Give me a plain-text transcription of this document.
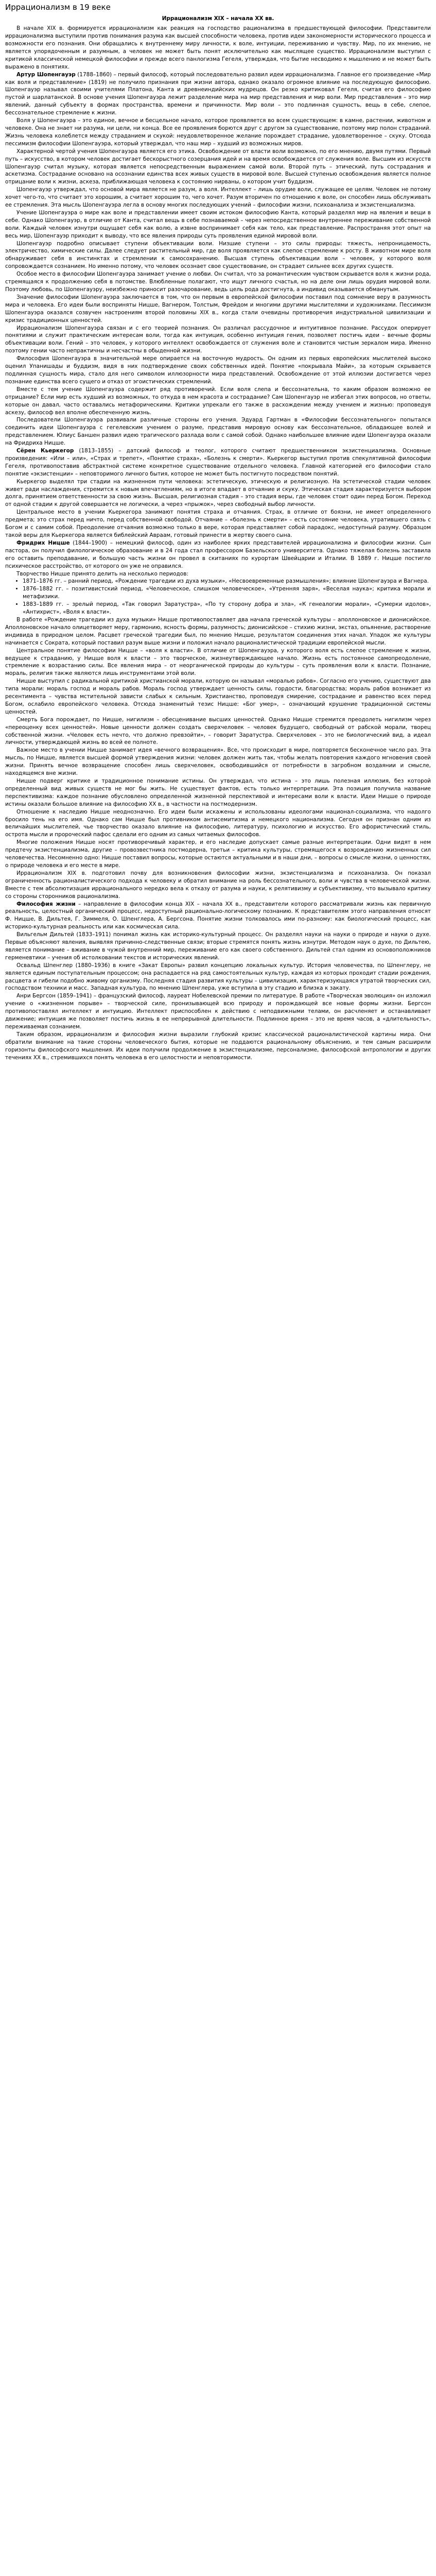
Иррационализм в 19 веке
Иррационализм XIX – начала XX вв.

В начале XIX в. формируется иррационализм как реакция на господство рационализма в предшествующей философии. Представители иррационализма выступили против понимания разума как высшей способности человека, против идеи закономерности исторического процесса и возможности его познания. Они обращались к внутреннему миру личности, к воле, интуиции, переживанию и чувству. Мир, по их мнению, не является упорядоченным и разумным, а человек не может быть понят исключительно как мыслящее существо. Иррационализм выступил с критикой классической немецкой философии и прежде всего панлогизма Гегеля, утверждая, что бытие несводимо к мышлению и не может быть выражено в понятиях.

Артур Шопенгауэр (1788–1860) – первый философ, который последовательно развил идеи иррационализма. Главное его произведение «Мир как воля и представление» (1819) не получило признания при жизни автора, однако оказало огромное влияние на последующую философию. Шопенгауэр называл своими учителями Платона, Канта и древнеиндийских мудрецов. Он резко критиковал Гегеля, считая его философию пустой и шарлатанской. В основе учения Шопенгауэра лежит разделение мира на мир представления и мир воли. Мир представления – это мир явлений, данный субъекту в формах пространства, времени и причинности. Мир воли – это подлинная сущность, вещь в себе, слепое, бессознательное стремление к жизни.

Воля у Шопенгауэра – это единое, вечное и бесцельное начало, которое проявляется во всем существующем: в камне, растении, животном и человеке. Она не знает ни разума, ни цели, ни конца. Все ее проявления борются друг с другом за существование, поэтому мир полон страданий. Жизнь человека колеблется между страданием и скукой: неудовлетворенное желание порождает страдание, удовлетворенное – скуку. Отсюда пессимизм философии Шопенгауэра, который утверждал, что наш мир – худший из возможных миров.

Характерной чертой учения Шопенгауэра является его этика. Освобождение от власти воли возможно, по его мнению, двумя путями. Первый путь – искусство, в котором человек достигает бескорыстного созерцания идей и на время освобождается от служения воле. Высшим из искусств Шопенгауэр считал музыку, которая является непосредственным выражением самой воли. Второй путь – этический, путь сострадания и аскетизма. Сострадание основано на осознании единства всех живых существ в мировой воле. Высшей ступенью освобождения является полное отрицание воли к жизни, аскеза, приближающая человека к состоянию нирваны, о котором учит буддизм.

Шопенгауэр утверждал, что основой мира является не разум, а воля. Интеллект – лишь орудие воли, служащее ее целям. Человек не потому хочет чего-то, что считает это хорошим, а считает хорошим то, чего хочет. Разум вторичен по отношению к воле, он способен лишь обслуживать ее стремления. Эта мысль Шопенгауэра легла в основу многих последующих учений – философии жизни, психоанализа и экзистенциализма.

Учение Шопенгауэра о мире как воле и представлении имеет своим истоком философию Канта, который разделял мир на явления и вещи в себе. Однако Шопенгауэр, в отличие от Канта, считал вещь в себе познаваемой – через непосредственное внутреннее переживание собственной воли. Каждый человек изнутри ощущает себя как волю, а извне воспринимает себя как тело, как представление. Распространяя этот опыт на весь мир, Шопенгауэр приходит к выводу, что все явления природы суть проявления единой мировой воли.

Шопенгауэр подробно описывает ступени объективации воли. Низшие ступени – это силы природы: тяжесть, непроницаемость, электричество, химические силы. Далее следует растительный мир, где воля проявляется как слепое стремление к росту. В животном мире воля обнаруживает себя в инстинктах и стремлении к самосохранению. Высшая ступень объективации воли – человек, у которого воля сопровождается сознанием. Но именно потому, что человек осознает свое существование, он страдает сильнее всех других существ.

Особое место в философии Шопенгауэра занимает учение о любви. Он считал, что за романтическим чувством скрывается воля к жизни рода, стремящаяся к продолжению себя в потомстве. Влюбленные полагают, что ищут личного счастья, но на деле они лишь орудия мировой воли. Поэтому любовь, по Шопенгауэру, неизбежно приносит разочарование, ведь цель рода достигнута, а индивид оказывается обманутым.

Значение философии Шопенгауэра заключается в том, что он первым в европейской философии поставил под сомнение веру в разумность мира и человека. Его идеи были восприняты Ницше, Вагнером, Толстым, Фрейдом и многими другими мыслителями и художниками. Пессимизм Шопенгауэра оказался созвучен настроениям второй половины XIX в., когда стали очевидны противоречия индустриальной цивилизации и кризис традиционных ценностей.

Иррационализм Шопенгауэра связан и с его теорией познания. Он различал рассудочное и интуитивное познание. Рассудок оперирует понятиями и служит практическим интересам воли, тогда как интуиция, особенно интуиция гения, позволяет постичь идеи – вечные формы объективации воли. Гений – это человек, у которого интеллект освобождается от служения воле и становится чистым зеркалом мира. Именно поэтому гении часто непрактичны и несчастны в обыденной жизни.

Философия Шопенгауэра в значительной мере опирается на восточную мудрость. Он одним из первых европейских мыслителей высоко оценил Упанишады и буддизм, видя в них подтверждение своих собственных идей. Понятие «покрывала Майи», за которым скрывается подлинная сущность мира, стало для него символом иллюзорности мира представлений. Освобождение от этой иллюзии достигается через познание единства всего сущего и отказ от эгоистических стремлений.

Вместе с тем учение Шопенгауэра содержит ряд противоречий. Если воля слепа и бессознательна, то каким образом возможно ее отрицание? Если мир есть худший из возможных, то откуда в нем красота и сострадание? Сам Шопенгауэр не избегал этих вопросов, но ответы, которые он давал, часто оставались метафорическими. Критики упрекали его также в расхождении между учением и жизнью: проповедуя аскезу, философ вел вполне обеспеченную жизнь.

Последователи Шопенгауэра развивали различные стороны его учения. Эдуард Гартман в «Философии бессознательного» попытался соединить идеи Шопенгауэра с гегелевским учением о разуме, представив мировую основу как бессознательное, обладающее волей и представлением. Юлиус Баншен развил идею трагического разлада воли с самой собой. Однако наибольшее влияние идеи Шопенгауэра оказали на Фридриха Ницше.

Сёрен Кьеркегор (1813–1855) – датский философ и теолог, которого считают предшественником экзистенциализма. Основные произведения: «Или – или», «Страх и трепет», «Понятие страха», «Болезнь к смерти». Кьеркегор выступил против спекулятивной философии Гегеля, противопоставив абстрактной системе конкретное существование отдельного человека. Главной категорией его философии стало понятие «экзистенции» – неповторимого личного бытия, которое не может быть постигнуто посредством понятий.

Кьеркегор выделял три стадии на жизненном пути человека: эстетическую, этическую и религиозную. На эстетической стадии человек живет ради наслаждения, стремится к новым впечатлениям, но в итоге впадает в отчаяние и скуку. Этическая стадия характеризуется выбором долга, принятием ответственности за свою жизнь. Высшая, религиозная стадия – это стадия веры, где человек стоит один перед Богом. Переход от одной стадии к другой совершается не логически, а через «прыжок», через свободный выбор личности.

Центральное место в учении Кьеркегора занимают понятия страха и отчаяния. Страх, в отличие от боязни, не имеет определенного предмета; это страх перед ничто, перед собственной свободой. Отчаяние – «болезнь к смерти» – есть состояние человека, утратившего связь с Богом и с самим собой. Преодоление отчаяния возможно только в вере, которая представляет собой парадокс, недоступный разуму. Образцом такой веры для Кьеркегора является библейский Авраам, готовый принести в жертву своего сына.

Фридрих Ницше (1844–1900) – немецкий философ, один из наиболее ярких представителей иррационализма и философии жизни. Сын пастора, он получил филологическое образование и в 24 года стал профессором Базельского университета. Однако тяжелая болезнь заставила его оставить преподавание, и большую часть жизни он провел в скитаниях по курортам Швейцарии и Италии. В 1889 г. Ницше постигло психическое расстройство, от которого он уже не оправился.

Творчество Ницше принято делить на несколько периодов:

• 1871–1876 гг. – ранний период, «Рождение трагедии из духа музыки», «Несвоевременные размышления»; влияние Шопенгауэра и Вагнера.
• 1876–1882 гг. – позитивистский период, «Человеческое, слишком человеческое», «Утренняя заря», «Веселая наука»; критика морали и метафизики.
• 1883–1889 гг. – зрелый период, «Так говорил Заратустра», «По ту сторону добра и зла», «К генеалогии морали», «Сумерки идолов», «Антихрист», «Воля к власти».

В работе «Рождение трагедии из духа музыки» Ницше противопоставляет два начала греческой культуры – аполлоновское и дионисийское. Аполлоновское начало олицетворяет меру, гармонию, ясность формы, разумность; дионисийское – стихию жизни, экстаз, опьянение, растворение индивида в природном целом. Расцвет греческой трагедии был, по мнению Ницше, результатом соединения этих начал. Упадок же культуры начинается с Сократа, который поставил разум выше жизни и положил начало рационалистической традиции европейской мысли.

Центральное понятие философии Ницше – «воля к власти». В отличие от Шопенгауэра, у которого воля есть слепое стремление к жизни, ведущее к страданию, у Ницше воля к власти – это творческое, жизнеутверждающее начало. Жизнь есть постоянное самопреодоление, стремление к возрастанию силы. Все явления мира – от неорганической природы до культуры – суть проявления воли к власти. Познание, мораль, религия также являются лишь инструментами этой воли.

Ницше выступил с радикальной критикой христианской морали, которую он называл «моралью рабов». Согласно его учению, существуют два типа морали: мораль господ и мораль рабов. Мораль господ утверждает ценность силы, гордости, благородства; мораль рабов возникает из ресентимента – чувства мстительной зависти слабых к сильным. Христианство, проповедуя смирение, сострадание и равенство всех перед Богом, ослабило европейского человека. Отсюда знаменитый тезис Ницше: «Бог умер», – означающий крушение традиционной системы ценностей.

Смерть Бога порождает, по Ницше, нигилизм – обесценивание высших ценностей. Однако Ницше стремится преодолеть нигилизм через «переоценку всех ценностей». Новые ценности должен создать сверхчеловек – человек будущего, свободный от рабской морали, творец собственной жизни. «Человек есть нечто, что должно превзойти», – говорит Заратустра. Сверхчеловек – это не биологический вид, а идеал личности, утверждающей жизнь во всей ее полноте.

Важное место в учении Ницше занимает идея «вечного возвращения». Все, что происходит в мире, повторяется бесконечное число раз. Эта мысль, по Ницше, является высшей формой утверждения жизни: человек должен жить так, чтобы желать повторения каждого мгновения своей жизни. Принять вечное возвращение способен лишь сверхчеловек, освободившийся от потребности в загробном воздаянии и смысле, находящемся вне жизни.

Ницше подверг критике и традиционное понимание истины. Он утверждал, что истина – это лишь полезная иллюзия, без которой определенный вид живых существ не мог бы жить. Не существует фактов, есть только интерпретации. Эта позиция получила название перспективизма: каждое познание обусловлено определенной жизненной перспективой и интересами воли к власти. Идеи Ницше о природе истины оказали большое влияние на философию XX в., в частности на постмодернизм.

Отношение к наследию Ницше неоднозначно. Его идеи были искажены и использованы идеологами национал-социализма, что надолго бросило тень на его имя. Однако сам Ницше был противником антисемитизма и немецкого национализма. Сегодня он признан одним из величайших мыслителей, чье творчество оказало влияние на философию, литературу, психологию и искусство. Его афористический стиль, острота мысли и пророческий пафос сделали его одним из самых читаемых философов.

Многие положения Ницше носят противоречивый характер, и его наследие допускает самые разные интерпретации. Одни видят в нем предтечу экзистенциализма, другие – провозвестника постмодерна, третьи – критика культуры, стремящегося к возрождению жизненных сил человечества. Несомненно одно: Ницше поставил вопросы, которые остаются актуальными и в наши дни, – вопросы о смысле жизни, о ценностях, о природе человека и его месте в мире.

Иррационализм XIX в. подготовил почву для возникновения философии жизни, экзистенциализма и психоанализа. Он показал ограниченность рационалистического подхода к человеку и обратил внимание на роль бессознательного, воли и чувства в человеческой жизни. Вместе с тем абсолютизация иррационального нередко вела к отказу от разума и науки, к релятивизму и субъективизму, что вызывало критику со стороны сторонников рационализма.

Философия жизни – направление в философии конца XIX – начала XX в., представители которого рассматривали жизнь как первичную реальность, целостный органический процесс, недоступный рационально-логическому познанию. К представителям этого направления относят Ф. Ницше, В. Дильтея, Г. Зиммеля, О. Шпенглера, А. Бергсона. Понятие жизни толковалось ими по-разному: как биологический процесс, как историко-культурная реальность или как космическая сила.

Вильгельм Дильтей (1833–1911) понимал жизнь как историко-культурный процесс. Он разделял науки на науки о природе и науки о духе. Первые объясняют явления, выявляя причинно-следственные связи; вторые стремятся понять жизнь изнутри. Методом наук о духе, по Дильтею, является понимание – вживание в чужой внутренний мир, переживание его как своего собственного. Дильтей стал одним из основоположников герменевтики – учения об истолковании текстов и исторических явлений.

Освальд Шпенглер (1880–1936) в книге «Закат Европы» развил концепцию локальных культур. История человечества, по Шпенглеру, не является единым поступательным процессом; она распадается на ряд самостоятельных культур, каждая из которых проходит стадии рождения, расцвета и гибели подобно живому организму. Последняя стадия развития культуры – цивилизация, характеризующаяся утратой творческих сил, господством техники и масс. Западная культура, по мнению Шпенглера, уже вступила в эту стадию и близка к закату.

Анри Бергсон (1859–1941) – французский философ, лауреат Нобелевской премии по литературе. В работе «Творческая эволюция» он изложил учение о «жизненном порыве» – творческой силе, пронизывающей всю природу и порождающей все новые формы жизни. Бергсон противопоставлял интеллект и интуицию. Интеллект приспособлен к действию с неподвижными телами, он расчленяет и останавливает движение; интуиция же позволяет постичь жизнь в ее непрерывной длительности. Подлинное время – это не время часов, а «длительность», переживаемая сознанием.

Таким образом, иррационализм и философия жизни выразили глубокий кризис классической рационалистической картины мира. Они обратили внимание на такие стороны человеческого бытия, которые не поддаются рациональному объяснению, и тем самым расширили горизонты философского мышления. Их идеи получили продолжение в экзистенциализме, персонализме, философской антропологии и других течениях XX в., стремившихся понять человека в его целостности и неповторимости.
